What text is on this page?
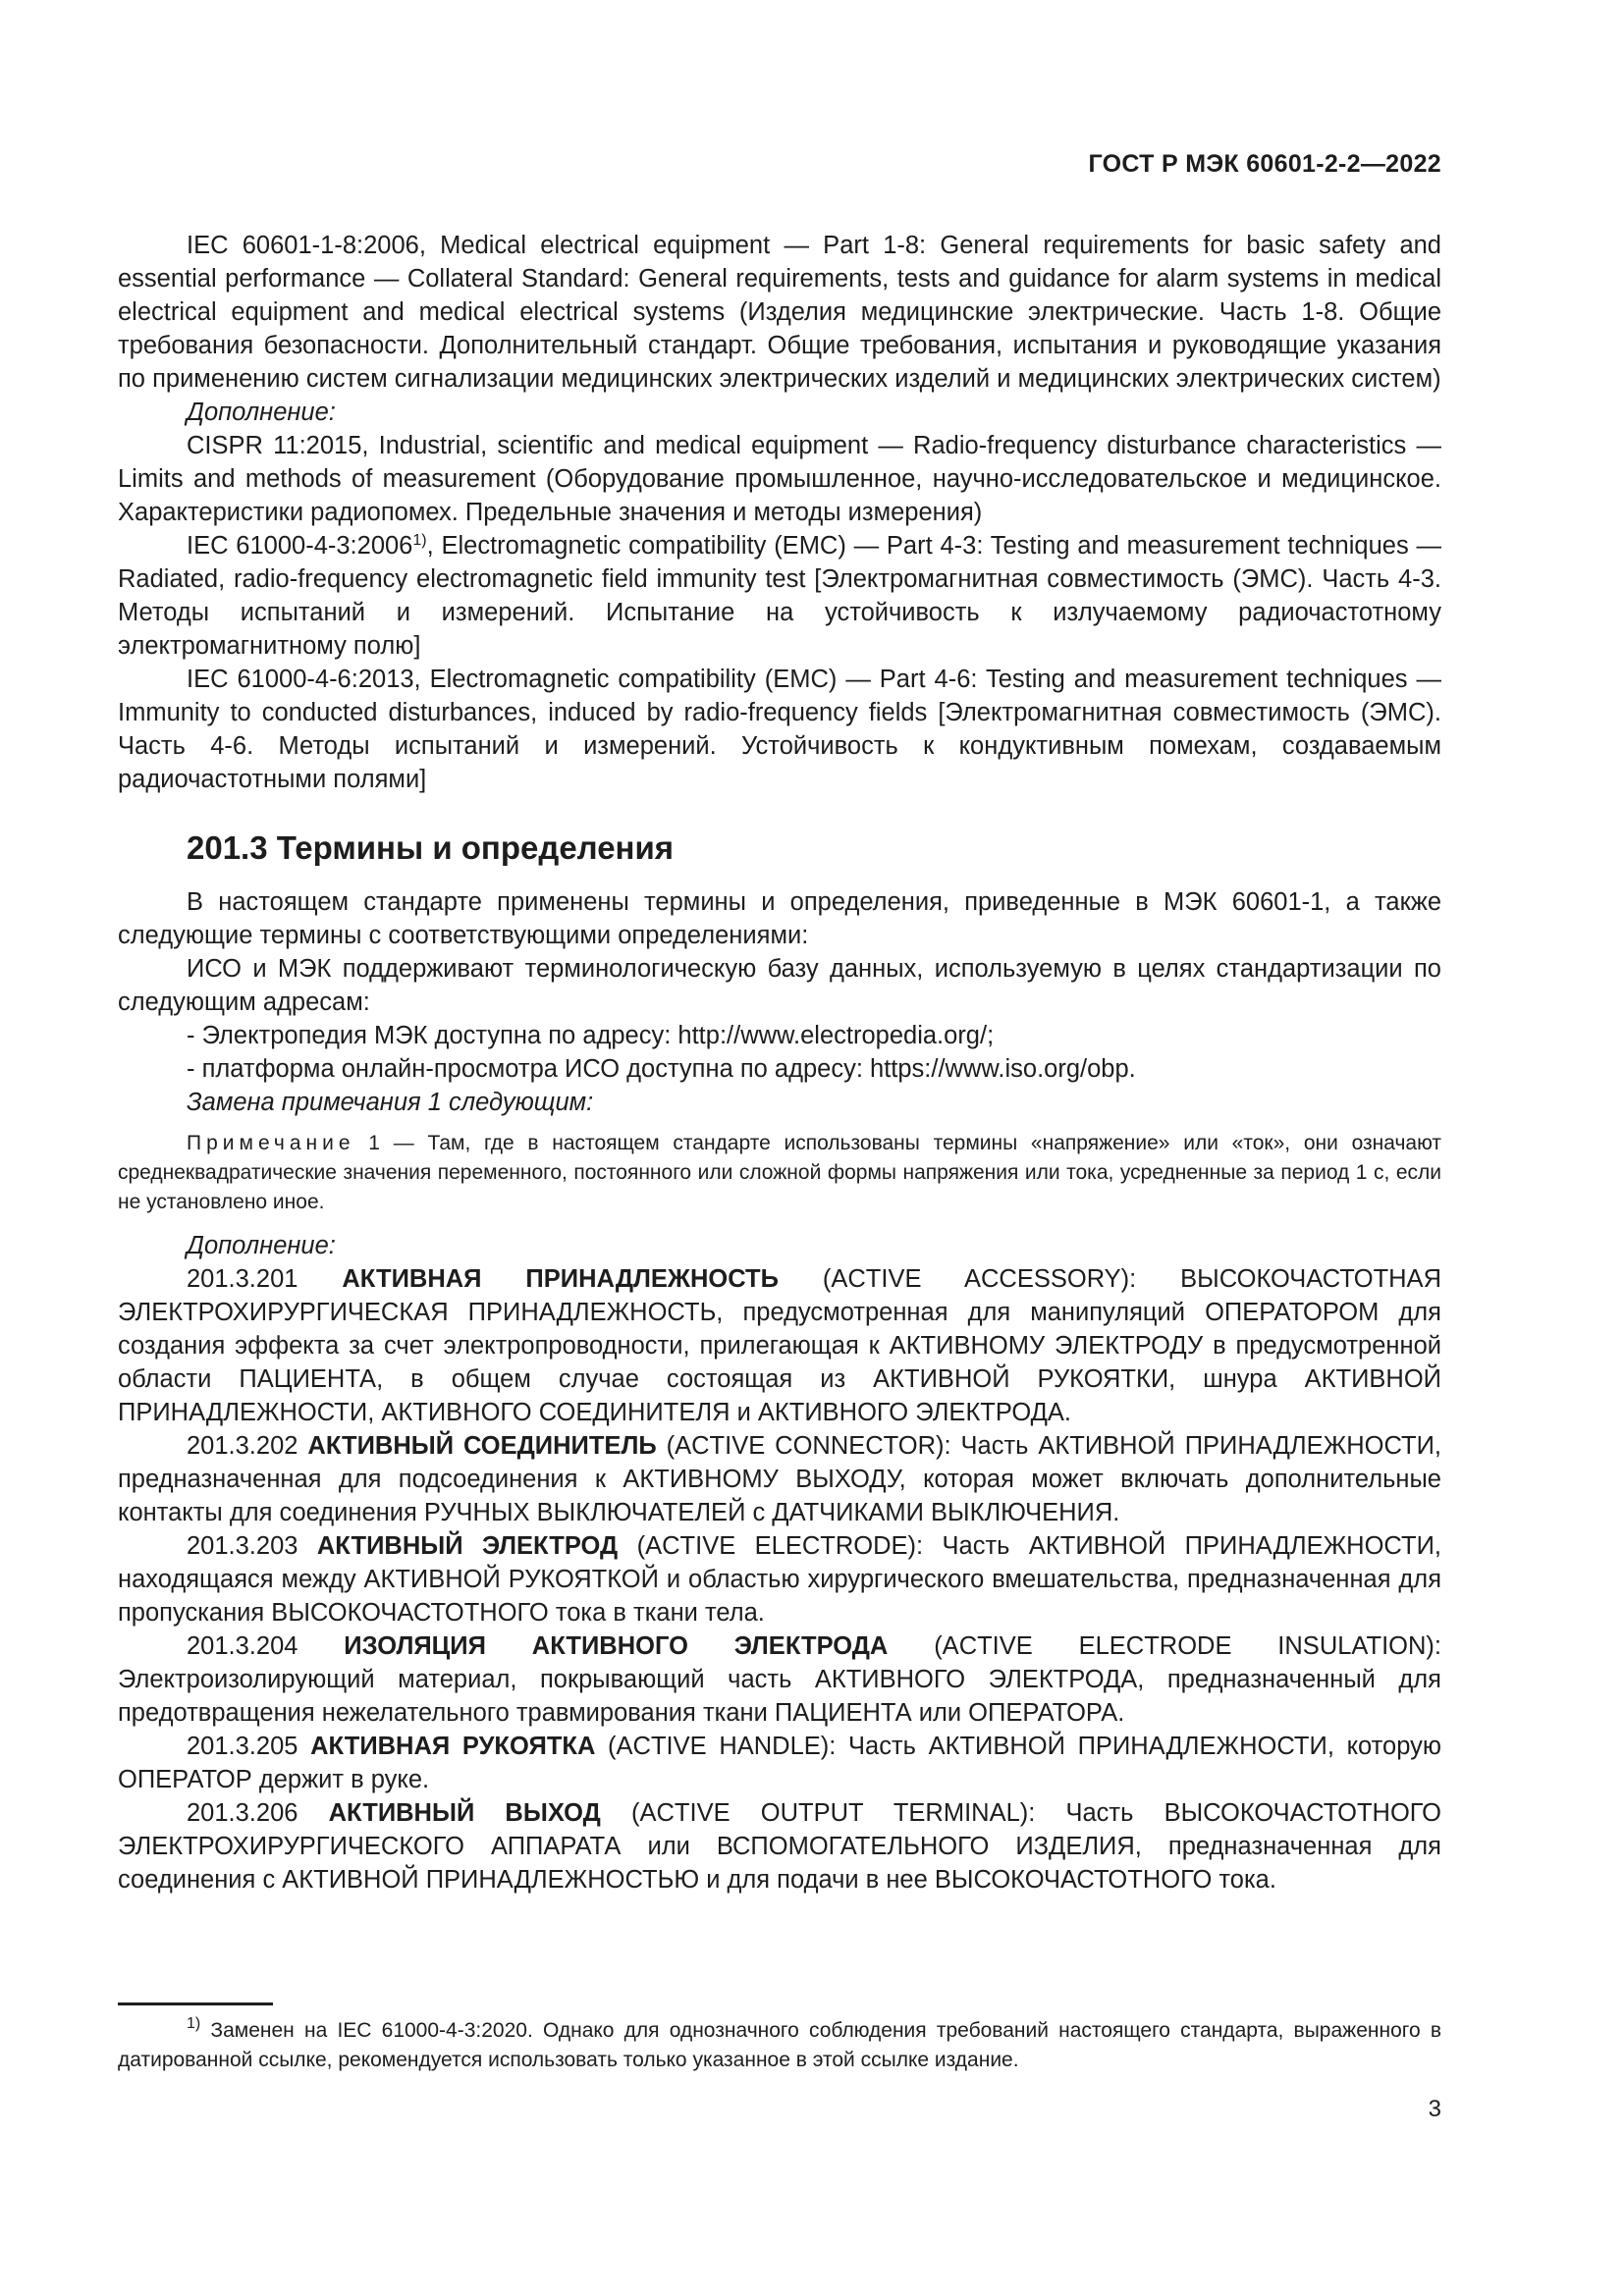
ГОСТ Р МЭК 60601-2-2—2022

IEC 60601-1-8:2006, Medical electrical equipment — Part 1-8: General requirements for basic safety and essential performance — Collateral Standard: General requirements, tests and guidance for alarm systems in medical electrical equipment and medical electrical systems (Изделия медицинские электрические. Часть 1-8. Общие требования безопасности. Дополнительный стандарт. Общие требования, испытания и руководящие указания по применению систем сигнализации медицинских электрических изделий и медицинских электрических систем)

Дополнение:

CISPR 11:2015, Industrial, scientific and medical equipment — Radio-frequency disturbance characteristics — Limits and methods of measurement (Оборудование промышленное, научно-исследовательское и медицинское. Характеристики радиопомех. Предельные значения и методы измерения)

IEC 61000-4-3:2006$^{1)}$, Electromagnetic compatibility (EMC) — Part 4-3: Testing and measurement techniques — Radiated, radio-frequency electromagnetic field immunity test [Электромагнитная совместимость (ЭМС). Часть 4-3. Методы испытаний и измерений. Испытание на устойчивость к излучаемому радиочастотному электромагнитному полю]

IEC 61000-4-6:2013, Electromagnetic compatibility (EMC) — Part 4-6: Testing and measurement techniques — Immunity to conducted disturbances, induced by radio-frequency fields [Электромагнитная совместимость (ЭМС). Часть 4-6. Методы испытаний и измерений. Устойчивость к кондуктивным помехам, создаваемым радиочастотными полями]

201.3 Термины и определения

В настоящем стандарте применены термины и определения, приведенные в МЭК 60601-1, а также следующие термины с соответствующими определениями:

ИСО и МЭК поддерживают терминологическую базу данных, используемую в целях стандартизации по следующим адресам:

- Электропедия МЭК доступна по адресу: http://www.electropedia.org/;

- платформа онлайн-просмотра ИСО доступна по адресу: https://www.iso.org/obp.

Замена примечания 1 следующим:

Примечание 1 — Там, где в настоящем стандарте использованы термины «напряжение» или «ток», они означают среднеквадратические значения переменного, постоянного или сложной формы напряжения или тока, усредненные за период 1 с, если не установлено иное.

Дополнение:

201.3.201 АКТИВНАЯ ПРИНАДЛЕЖНОСТЬ (ACTIVE ACCESSORY): ВЫСОКОЧАСТОТНАЯ ЭЛЕКТРОХИРУРГИЧЕСКАЯ ПРИНАДЛЕЖНОСТЬ, предусмотренная для манипуляций ОПЕРАТОРОМ для создания эффекта за счет электропроводности, прилегающая к АКТИВНОМУ ЭЛЕКТРОДУ в предусмотренной области ПАЦИЕНТА, в общем случае состоящая из АКТИВНОЙ РУКОЯТКИ, шнура АКТИВНОЙ ПРИНАДЛЕЖНОСТИ, АКТИВНОГО СОЕДИНИТЕЛЯ и АКТИВНОГО ЭЛЕКТРОДА.

201.3.202 АКТИВНЫЙ СОЕДИНИТЕЛЬ (ACTIVE CONNECTOR): Часть АКТИВНОЙ ПРИНАДЛЕЖНОСТИ, предназначенная для подсоединения к АКТИВНОМУ ВЫХОДУ, которая может включать дополнительные контакты для соединения РУЧНЫХ ВЫКЛЮЧАТЕЛЕЙ с ДАТЧИКАМИ ВЫКЛЮЧЕНИЯ.

201.3.203 АКТИВНЫЙ ЭЛЕКТРОД (ACTIVE ELECTRODE): Часть АКТИВНОЙ ПРИНАДЛЕЖНОСТИ, находящаяся между АКТИВНОЙ РУКОЯТКОЙ и областью хирургического вмешательства, предназначенная для пропускания ВЫСОКОЧАСТОТНОГО тока в ткани тела.

201.3.204 ИЗОЛЯЦИЯ АКТИВНОГО ЭЛЕКТРОДА (ACTIVE ELECTRODE INSULATION): Электроизолирующий материал, покрывающий часть АКТИВНОГО ЭЛЕКТРОДА, предназначенный для предотвращения нежелательного травмирования ткани ПАЦИЕНТА или ОПЕРАТОРА.

201.3.205 АКТИВНАЯ РУКОЯТКА (ACTIVE HANDLE): Часть АКТИВНОЙ ПРИНАДЛЕЖНОСТИ, которую ОПЕРАТОР держит в руке.

201.3.206 АКТИВНЫЙ ВЫХОД (ACTIVE OUTPUT TERMINAL): Часть ВЫСОКОЧАСТОТНОГО ЭЛЕКТРОХИРУРГИЧЕСКОГО АППАРАТА или ВСПОМОГАТЕЛЬНОГО ИЗДЕЛИЯ, предназначенная для соединения с АКТИВНОЙ ПРИНАДЛЕЖНОСТЬЮ и для подачи в нее ВЫСОКОЧАСТОТНОГО тока.

$^{1)}$ Заменен на IEC 61000-4-3:2020. Однако для однозначного соблюдения требований настоящего стандарта, выраженного в датированной ссылке, рекомендуется использовать только указанное в этой ссылке издание.

3
